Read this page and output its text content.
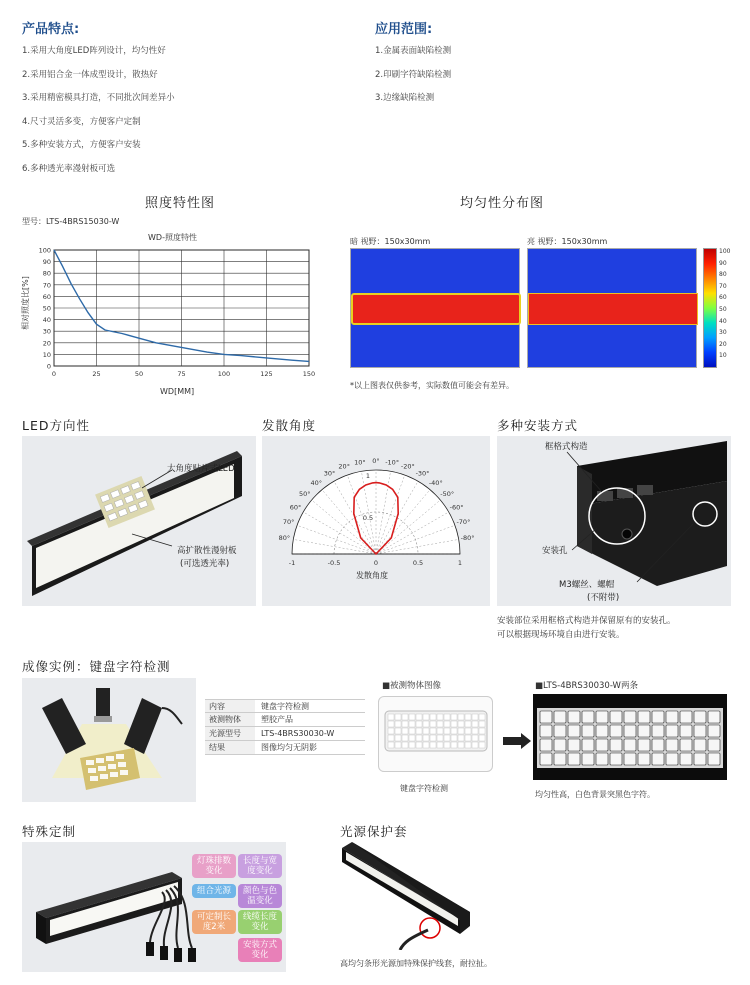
产品特点:
1.采用大角度LED阵列设计，均匀性好
2.采用铝合金一体成型设计，散热好
3.采用精密模具打造，不同批次间差异小
4.尺寸灵活多变，方便客户定制
5.多种安装方式，方便客户安装
6.多种透光率漫射板可选
应用范围:
1.金属表面缺陷检测
2.印刷字符缺陷检测
3.边缘缺陷检测
照度特性图
型号：LTS-4BRS15030-W
WD-照度特性
相对照度比[%]
WD[MM]
0
10
20
30
40
50
60
70
80
90
100
0	25	50	75	100	125	150
均匀性分布图
暗 视野：150x30mm	亮 视野：150x30mm
100
90
80
70
60
50
40
30
20
10
*以上图表仅供参考，实际数值可能会有差异。
LED方向性
大角度贴片式LED
高扩散性漫射板
(可选透光率)
发散角度
80°
70°
60°
50°
40°
30°
20°
10° 0° -10°
-20°
-30°
-40°
-50°
-60°
-70°
-80°
-1	-0.5	0	0.5	1
0.5
1
发散角度
多种安装方式
框格式构造
安装孔
M3螺丝、螺帽
(不附带)
安装部位采用框格式构造并保留原有的安装孔。
可以根据现场环境自由进行安装。
成像实例：键盘字符检测
内容	键盘字符检测
被测物体	塑胶产品
光源型号	LTS-4BRS30030-W
结果	图像均匀无阴影
■被测物体图像
键盘字符检测
■LTS-4BRS30030-W两条
均匀性高，白色背景突黑色字符。
特殊定制
灯珠排数变化
长度与宽度变化
组合光源	颜色与色温变化
可定制长度2米
线缆长度变化
安装方式变化
光源保护套
高均匀条形光源加特殊保护线套，耐拉扯。
